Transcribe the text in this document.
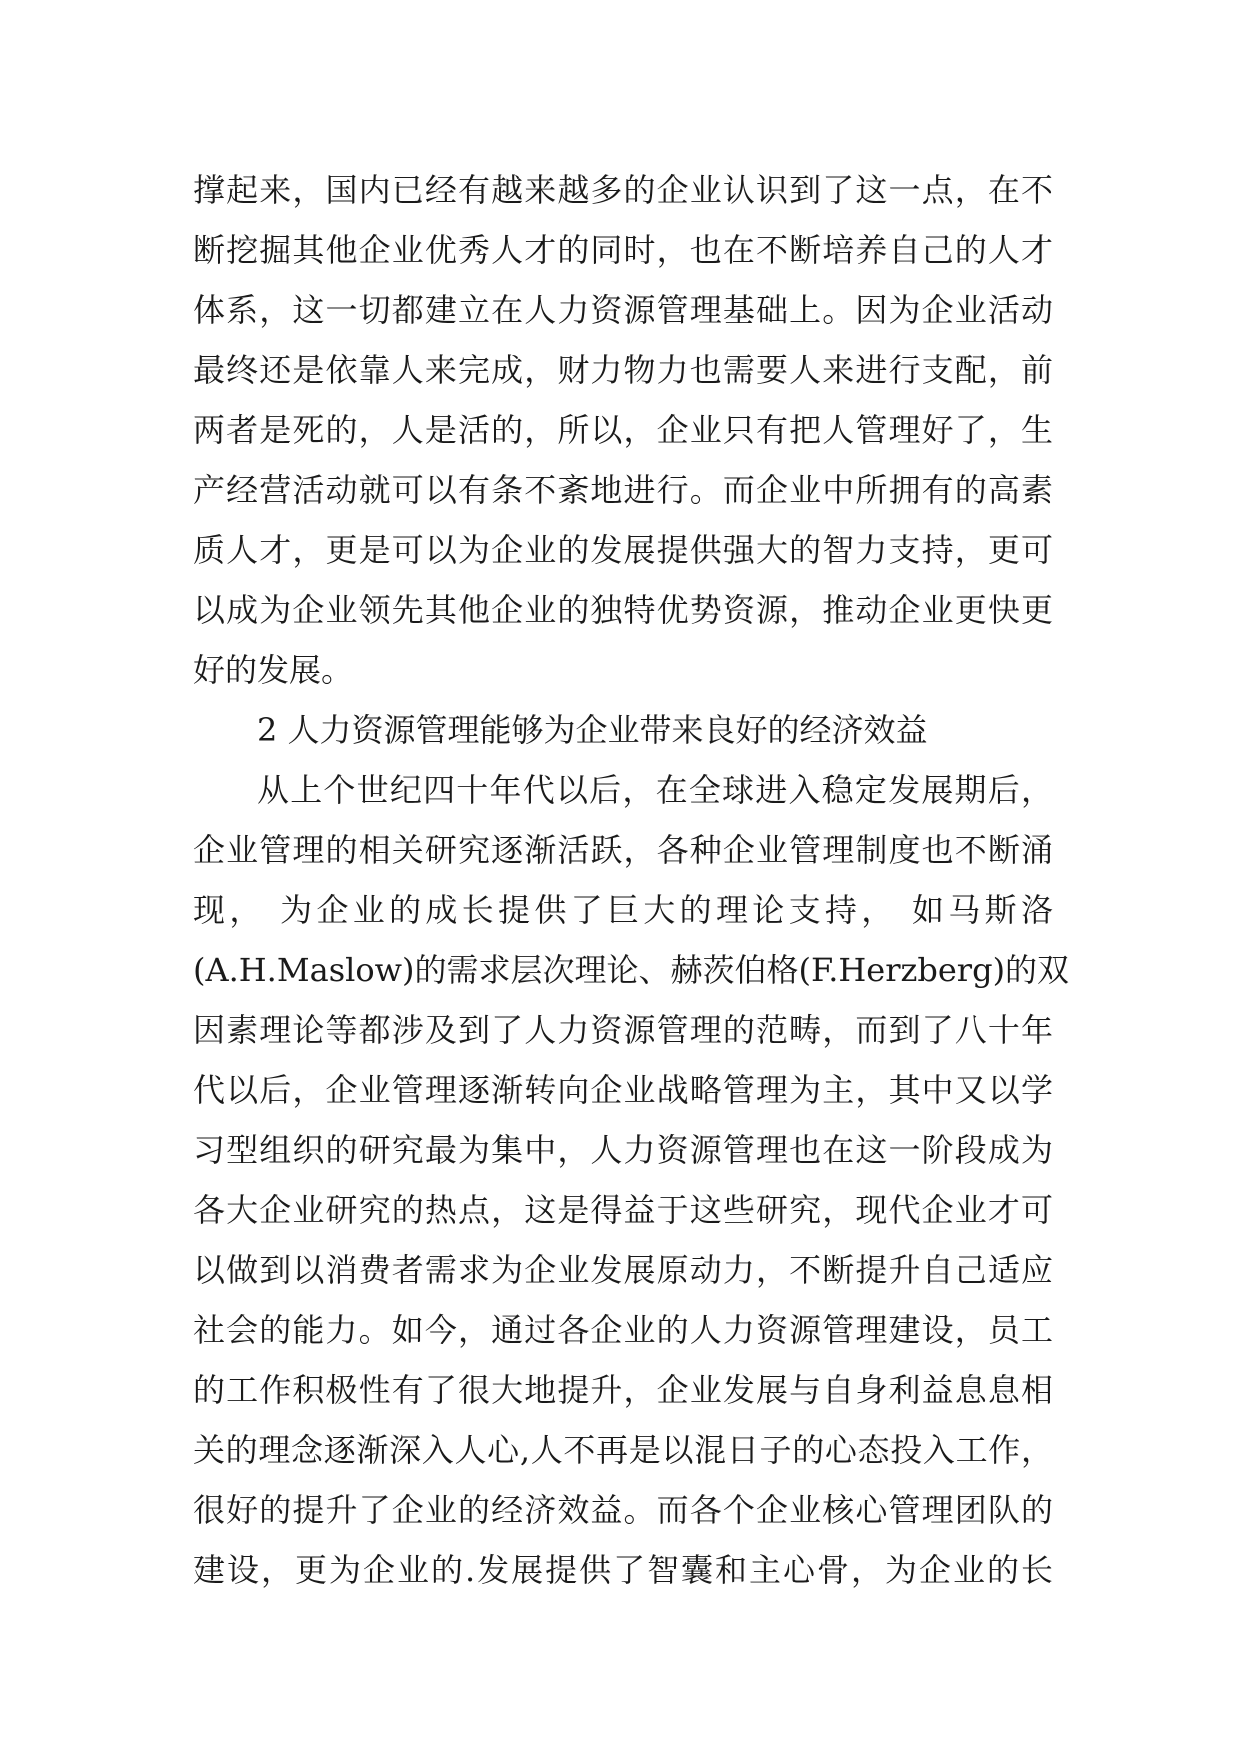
撑起来，国内已经有越来越多的企业认识到了这一点，在不
断挖掘其他企业优秀人才的同时，也在不断培养自己的人才
体系，这一切都建立在人力资源管理基础上。因为企业活动
最终还是依靠人来完成，财力物力也需要人来进行支配，前
两者是死的，人是活的，所以，企业只有把人管理好了，生
产经营活动就可以有条不紊地进行。而企业中所拥有的高素
质人才，更是可以为企业的发展提供强大的智力支持，更可
以成为企业领先其他企业的独特优势资源，推动企业更快更
好的发展。
2 人力资源管理能够为企业带来良好的经济效益
从上个世纪四十年代以后，在全球进入稳定发展期后，
企业管理的相关研究逐渐活跃，各种企业管理制度也不断涌
现， 为企业的成长提供了巨大的理论支持， 如马斯洛
(A.H.Maslow)的需求层次理论、赫茨伯格(F.Herzberg)的双
因素理论等都涉及到了人力资源管理的范畴，而到了八十年
代以后，企业管理逐渐转向企业战略管理为主，其中又以学
习型组织的研究最为集中，人力资源管理也在这一阶段成为
各大企业研究的热点，这是得益于这些研究，现代企业才可
以做到以消费者需求为企业发展原动力，不断提升自己适应
社会的能力。如今，通过各企业的人力资源管理建设，员工
的工作积极性有了很大地提升，企业发展与自身利益息息相
关的理念逐渐深入人心,人不再是以混日子的心态投入工作，
很好的提升了企业的经济效益。而各个企业核心管理团队的
建设，更为企业的.发展提供了智囊和主心骨，为企业的长
